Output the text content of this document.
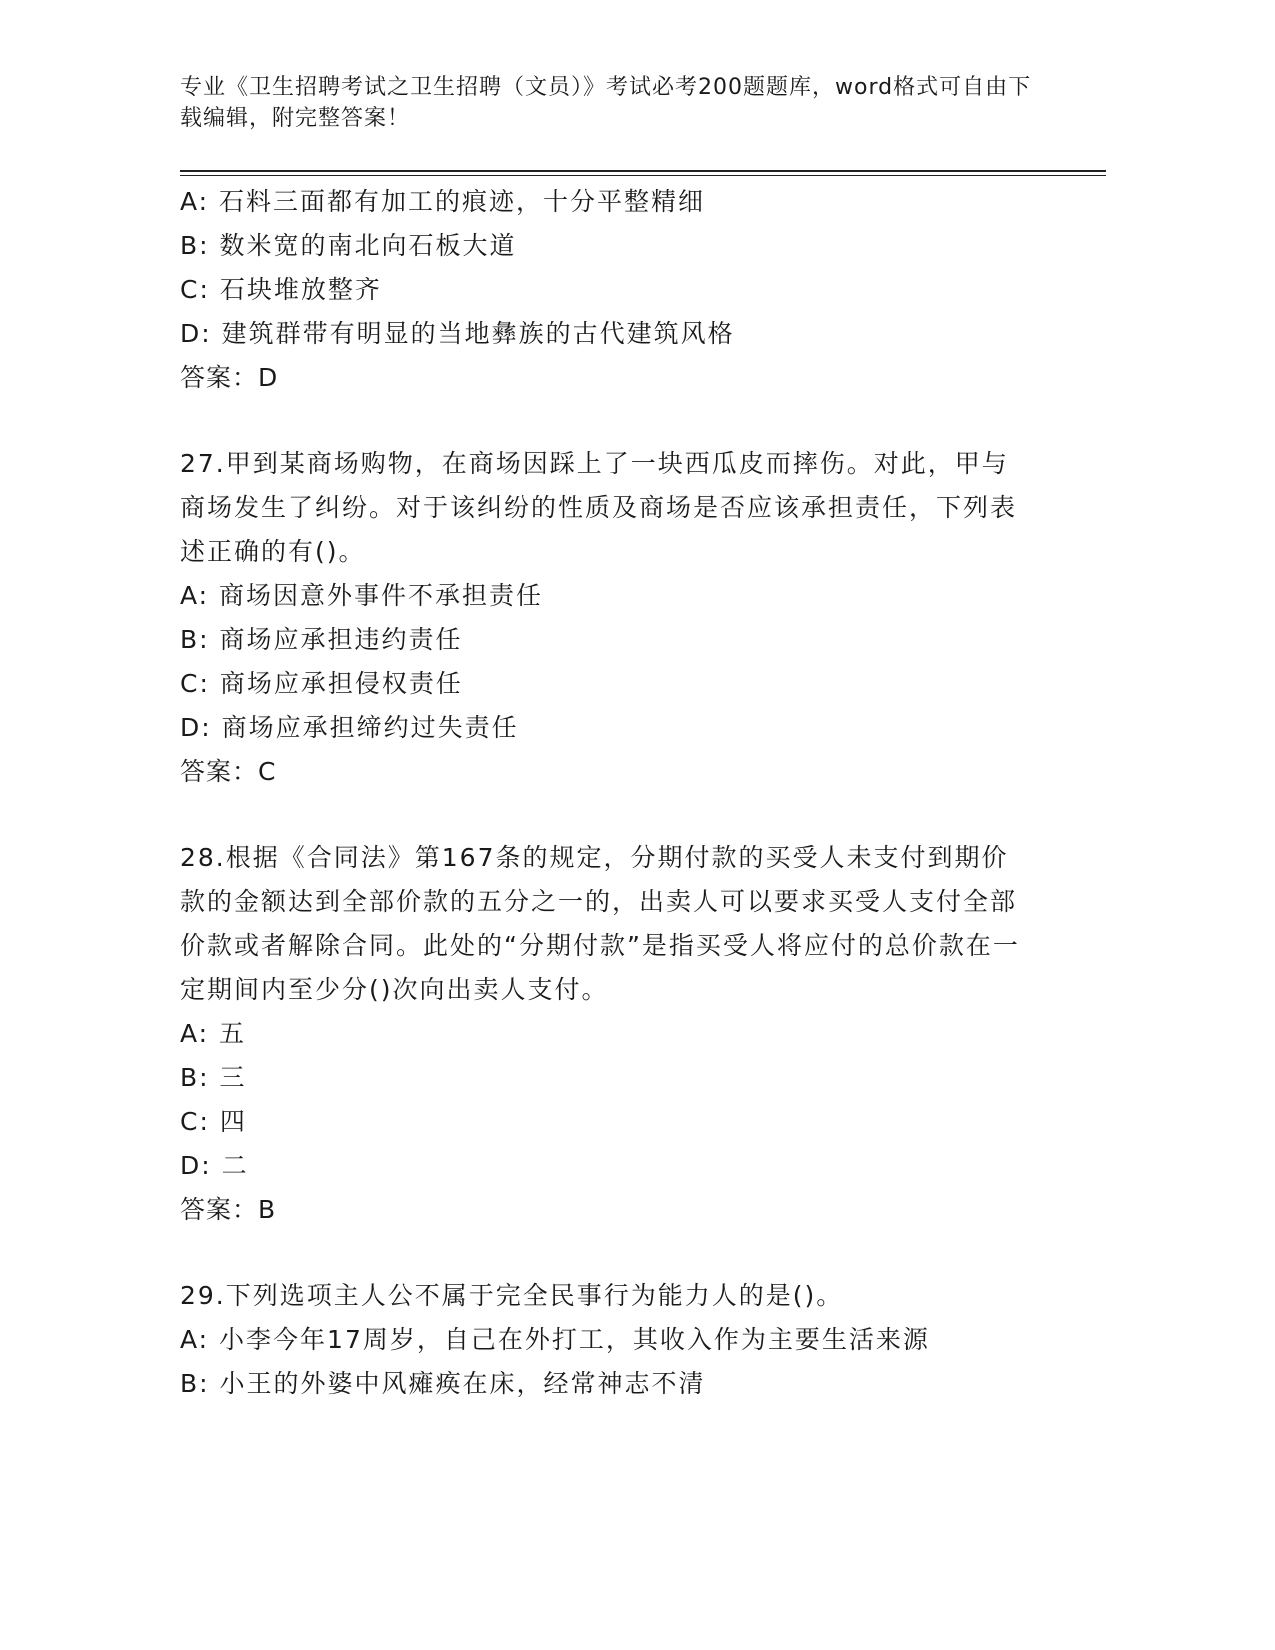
专业《卫生招聘考试之卫生招聘（文员）》考试必考200题题库，word格式可自由下载编辑，附完整答案！
A: 石料三面都有加工的痕迹，十分平整精细
B: 数米宽的南北向石板大道
C: 石块堆放整齐
D: 建筑群带有明显的当地彝族的古代建筑风格
答案：D
27.甲到某商场购物，在商场因踩上了一块西瓜皮而摔伤。对此，甲与商场发生了纠纷。对于该纠纷的性质及商场是否应该承担责任，下列表述正确的有()。
A: 商场因意外事件不承担责任
B: 商场应承担违约责任
C: 商场应承担侵权责任
D: 商场应承担缔约过失责任
答案：C
28.根据《合同法》第167条的规定，分期付款的买受人未支付到期价款的金额达到全部价款的五分之一的，出卖人可以要求买受人支付全部价款或者解除合同。此处的“分期付款”是指买受人将应付的总价款在一定期间内至少分()次向出卖人支付。
A: 五
B: 三
C: 四
D: 二
答案：B
29.下列选项主人公不属于完全民事行为能力人的是()。
A: 小李今年17周岁，自己在外打工，其收入作为主要生活来源
B: 小王的外婆中风瘫痪在床，经常神志不清
